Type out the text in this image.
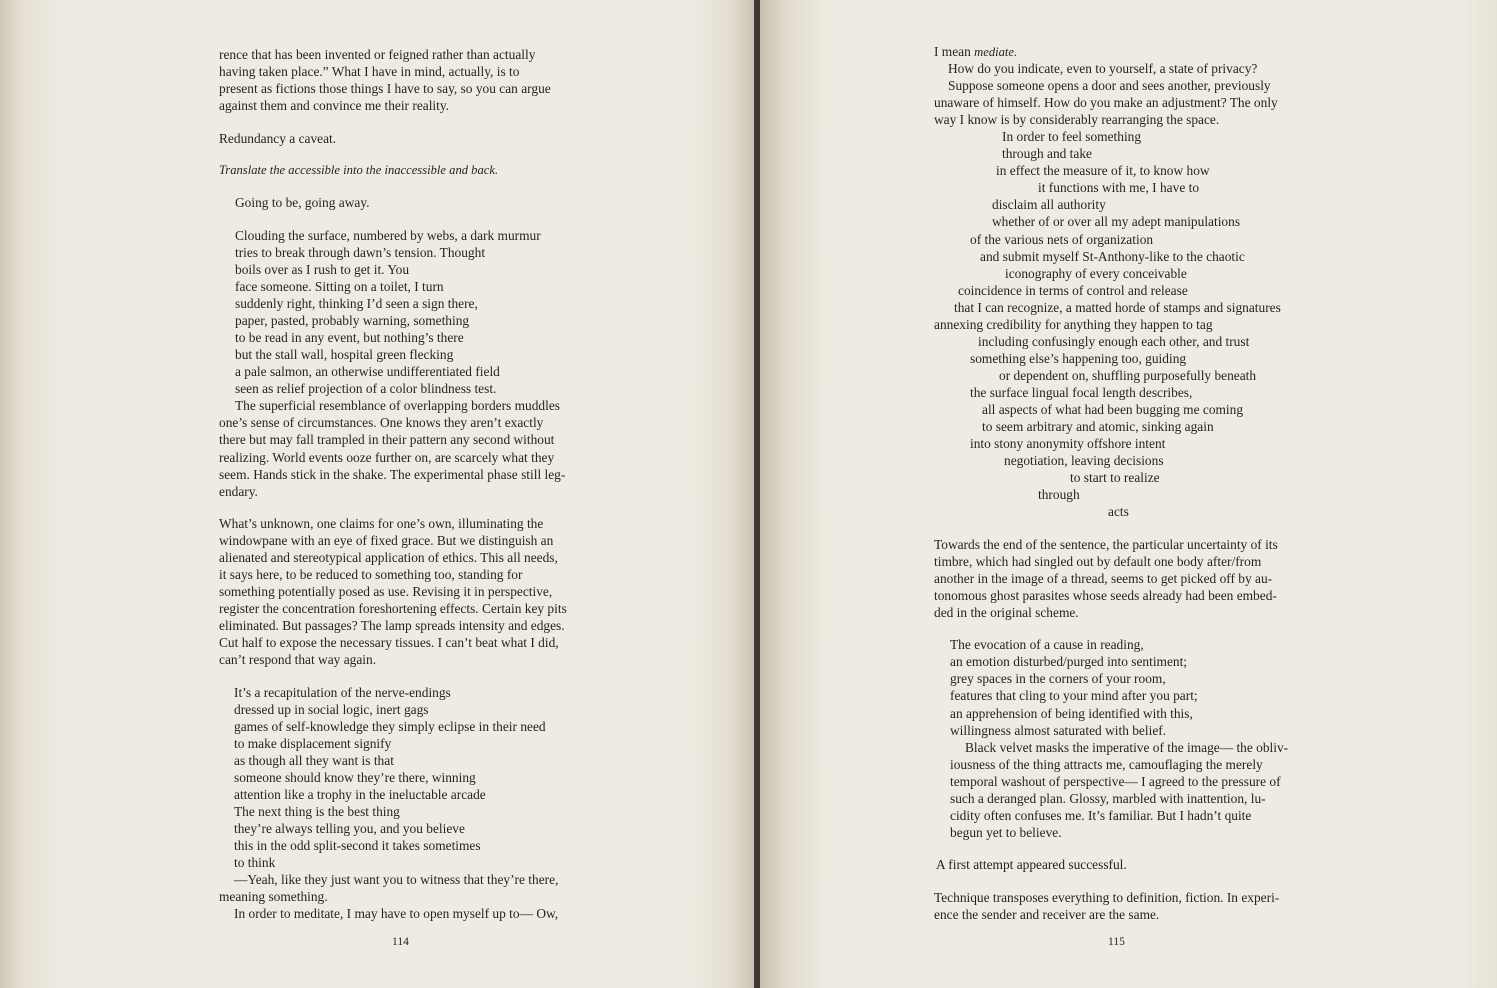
rence that has been invented or feigned rather than actually
having taken place.” What I have in mind, actually, is to
present as fictions those things I have to say, so you can argue
against them and convince me their reality.
Redundancy a caveat.
Translate the accessible into the inaccessible and back.
Going to be, going away.
Clouding the surface, numbered by webs, a dark murmur
tries to break through dawn’s tension. Thought
boils over as I rush to get it. You
face someone. Sitting on a toilet, I turn
suddenly right, thinking I’d seen a sign there,
paper, pasted, probably warning, something
to be read in any event, but nothing’s there
but the stall wall, hospital green flecking
a pale salmon, an otherwise undifferentiated field
seen as relief projection of a color blindness test.
The superficial resemblance of overlapping borders muddles
one’s sense of circumstances. One knows they aren’t exactly
there but may fall trampled in their pattern any second without
realizing. World events ooze further on, are scarcely what they
seem. Hands stick in the shake. The experimental phase still leg-
endary.
What’s unknown, one claims for one’s own, illuminating the
windowpane with an eye of fixed grace. But we distinguish an
alienated and stereotypical application of ethics. This all needs,
it says here, to be reduced to something too, standing for
something potentially posed as use. Revising it in perspective,
register the concentration foreshortening effects. Certain key pits
eliminated. But passages? The lamp spreads intensity and edges.
Cut half to expose the necessary tissues. I can’t beat what I did,
can’t respond that way again.
It’s a recapitulation of the nerve-endings
dressed up in social logic, inert gags
games of self-knowledge they simply eclipse in their need
to make displacement signify
as though all they want is that
someone should know they’re there, winning
attention like a trophy in the ineluctable arcade
The next thing is the best thing
they’re always telling you, and you believe
this in the odd split-second it takes sometimes
to think
—Yeah, like they just want you to witness that they’re there,
meaning something.
In order to meditate, I may have to open myself up to— Ow,
114
I mean mediate.
How do you indicate, even to yourself, a state of privacy?
Suppose someone opens a door and sees another, previously
unaware of himself. How do you make an adjustment? The only
way I know is by considerably rearranging the space.
In order to feel something
through and take
in effect the measure of it, to know how
it functions with me, I have to
disclaim all authority
whether of or over all my adept manipulations
of the various nets of organization
and submit myself St-Anthony-like to the chaotic
iconography of every conceivable
coincidence in terms of control and release
that I can recognize, a matted horde of stamps and signatures
annexing credibility for anything they happen to tag
including confusingly enough each other, and trust
something else’s happening too, guiding
or dependent on, shuffling purposefully beneath
the surface lingual focal length describes,
all aspects of what had been bugging me coming
to seem arbitrary and atomic, sinking again
into stony anonymity offshore intent
negotiation, leaving decisions
to start to realize
through
acts
Towards the end of the sentence, the particular uncertainty of its
timbre, which had singled out by default one body after/from
another in the image of a thread, seems to get picked off by au-
tonomous ghost parasites whose seeds already had been embed-
ded in the original scheme.
The evocation of a cause in reading,
an emotion disturbed/purged into sentiment;
grey spaces in the corners of your room,
features that cling to your mind after you part;
an apprehension of being identified with this,
willingness almost saturated with belief.
Black velvet masks the imperative of the image— the obliv-
iousness of the thing attracts me, camouflaging the merely
temporal washout of perspective— I agreed to the pressure of
such a deranged plan. Glossy, marbled with inattention, lu-
cidity often confuses me. It’s familiar. But I hadn’t quite
begun yet to believe.
A first attempt appeared successful.
Technique transposes everything to definition, fiction. In experi-
ence the sender and receiver are the same.
115
